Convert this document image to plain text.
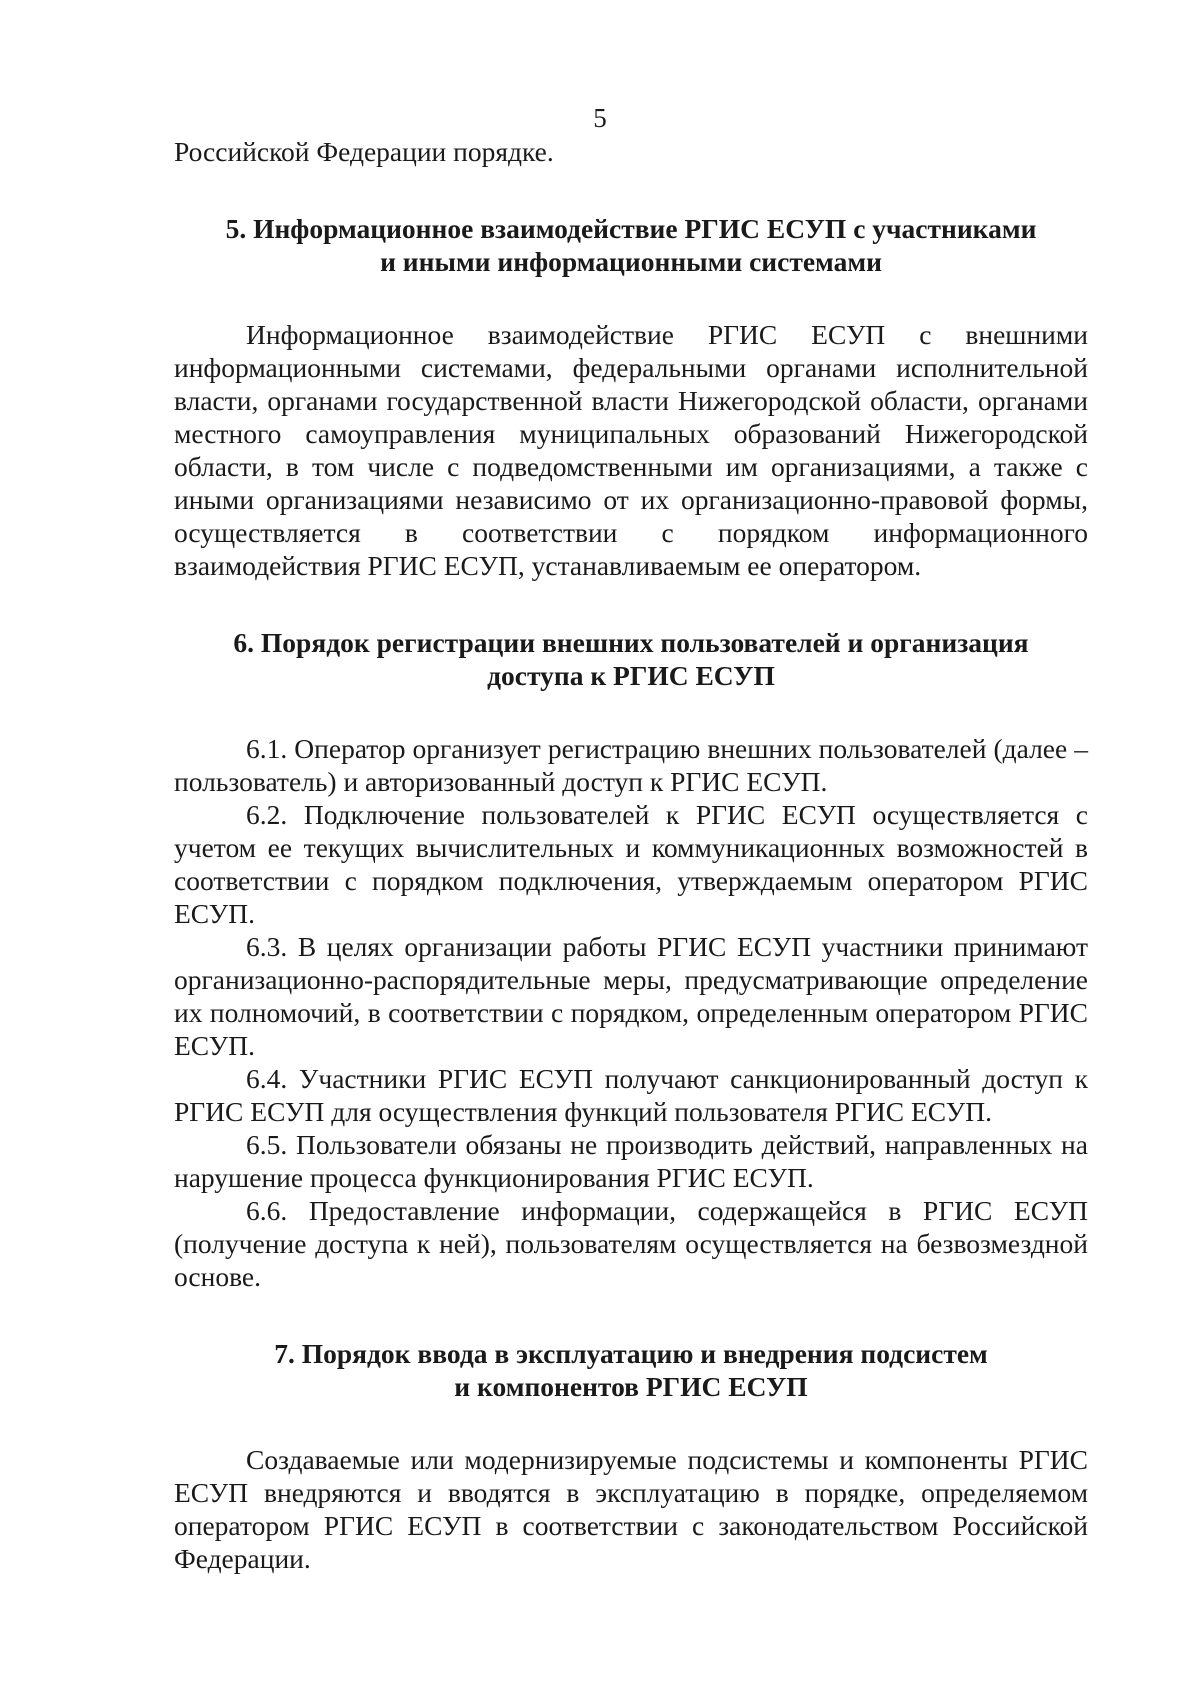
5

Российской Федерации порядке.

5. Информационное взаимодействие РГИС ЕСУП с участниками
и иными информационными системами

Информационное взаимодействие РГИС ЕСУП с внешними информационными системами, федеральными органами исполнительной власти, органами государственной власти Нижегородской области, органами местного самоуправления муниципальных образований Нижегородской области, в том числе с подведомственными им организациями, а также с иными организациями независимо от их организационно-правовой формы, осуществляется в соответствии с порядком информационного взаимодействия РГИС ЕСУП, устанавливаемым ее оператором.

6. Порядок регистрации внешних пользователей и организация
доступа к РГИС ЕСУП

6.1. Оператор организует регистрацию внешних пользователей (далее – пользователь) и авторизованный доступ к РГИС ЕСУП.

6.2. Подключение пользователей к РГИС ЕСУП осуществляется с учетом ее текущих вычислительных и коммуникационных возможностей в соответствии с порядком подключения, утверждаемым оператором РГИС ЕСУП.

6.3. В целях организации работы РГИС ЕСУП участники принимают организационно-распорядительные меры, предусматривающие определение их полномочий, в соответствии с порядком, определенным оператором РГИС ЕСУП.

6.4. Участники РГИС ЕСУП получают санкционированный доступ к РГИС ЕСУП для осуществления функций пользователя РГИС ЕСУП.

6.5. Пользователи обязаны не производить действий, направленных на нарушение процесса функционирования РГИС ЕСУП.

6.6. Предоставление информации, содержащейся в РГИС ЕСУП (получение доступа к ней), пользователям осуществляется на безвозмездной основе.

7. Порядок ввода в эксплуатацию и внедрения подсистем
и компонентов РГИС ЕСУП

Создаваемые или модернизируемые подсистемы и компоненты РГИС ЕСУП внедряются и вводятся в эксплуатацию в порядке, определяемом оператором РГИС ЕСУП в соответствии с законодательством Российской Федерации.
